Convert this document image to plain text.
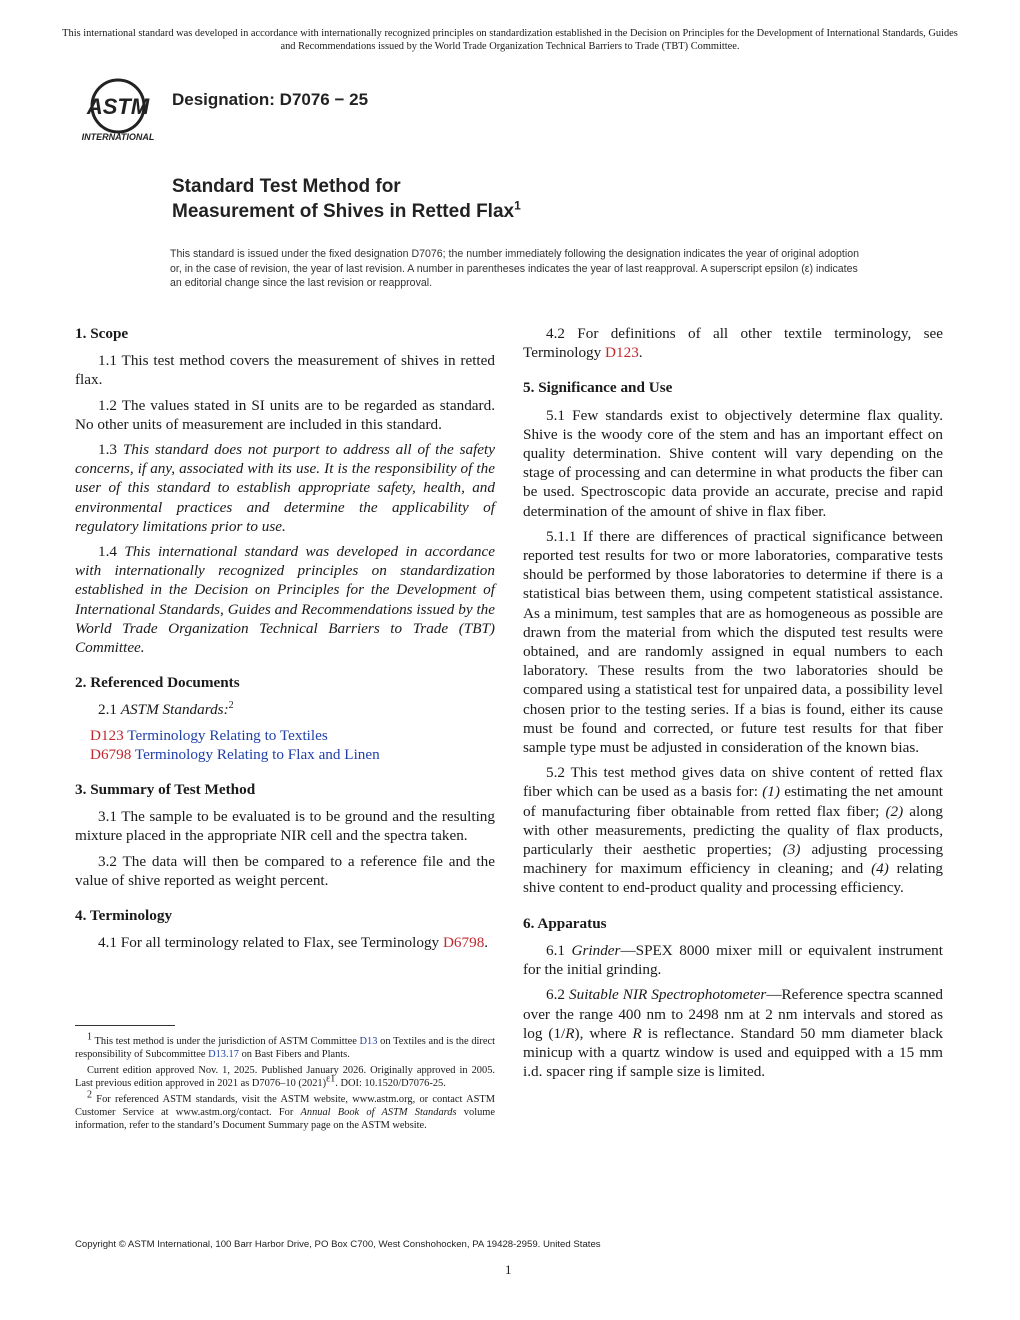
This international standard was developed in accordance with internationally recognized principles on standardization established in the Decision on Principles for the Development of International Standards, Guides and Recommendations issued by the World Trade Organization Technical Barriers to Trade (TBT) Committee.
ASTM
INTERNATIONAL
Designation: D7076 − 25
Standard Test Method for
Measurement of Shives in Retted Flax$^1$
This standard is issued under the fixed designation D7076; the number immediately following the designation indicates the year of original adoption or, in the case of revision, the year of last revision. A number in parentheses indicates the year of last reapproval. A superscript epsilon (ε) indicates an editorial change since the last revision or reapproval.
1. Scope

1.1 This test method covers the measurement of shives in retted flax.

1.2 The values stated in SI units are to be regarded as standard. No other units of measurement are included in this standard.

1.3 This standard does not purport to address all of the safety concerns, if any, associated with its use. It is the responsibility of the user of this standard to establish appropriate safety, health, and environmental practices and determine the applicability of regulatory limitations prior to use.

1.4 This international standard was developed in accordance with internationally recognized principles on standardization established in the Decision on Principles for the Development of International Standards, Guides and Recommendations issued by the World Trade Organization Technical Barriers to Trade (TBT) Committee.

2. Referenced Documents

2.1 ASTM Standards:$^2$

D123 Terminology Relating to Textiles
D6798 Terminology Relating to Flax and Linen
3. Summary of Test Method

3.1 The sample to be evaluated is to be ground and the resulting mixture placed in the appropriate NIR cell and the spectra taken.

3.2 The data will then be compared to a reference file and the value of shive reported as weight percent.

4. Terminology

4.1 For all terminology related to Flax, see Terminology D6798.

$^1$ This test method is under the jurisdiction of ASTM Committee D13 on Textiles and is the direct responsibility of Subcommittee D13.17 on Bast Fibers and Plants.

Current edition approved Nov. 1, 2025. Published January 2026. Originally approved in 2005. Last previous edition approved in 2021 as D7076–10 $(2021)^{\varepsilon 1}$. DOI: 10.1520/D7076-25.

$^2$ For referenced ASTM standards, visit the ASTM website, www.astm.org, or contact ASTM Customer Service at www.astm.org/contact. For Annual Book of ASTM Standards volume information, refer to the standard’s Document Summary page on the ASTM website.

4.2 For definitions of all other textile terminology, see Terminology D123.

5. Significance and Use

5.1 Few standards exist to objectively determine flax quality. Shive is the woody core of the stem and has an important effect on quality determination. Shive content will vary depending on the stage of processing and can determine in what products the fiber can be used. Spectroscopic data provide an accurate, precise and rapid determination of the amount of shive in flax fiber.

5.1.1 If there are differences of practical significance between reported test results for two or more laboratories, comparative tests should be performed by those laboratories to determine if there is a statistical bias between them, using competent statistical assistance. As a minimum, test samples that are as homogeneous as possible are drawn from the material from which the disputed test results were obtained, and are randomly assigned in equal numbers to each laboratory. These results from the two laboratories should be compared using a statistical test for unpaired data, a possibility level chosen prior to the testing series. If a bias is found, either its cause must be found and corrected, or future test results for that fiber sample type must be adjusted in consideration of the known bias.

5.2 This test method gives data on shive content of retted flax fiber which can be used as a basis for: (1) estimating the net amount of manufacturing fiber obtainable from retted flax fiber; (2) along with other measurements, predicting the quality of flax products, particularly their aesthetic properties; (3) adjusting processing machinery for maximum efficiency in cleaning; and (4) relating shive content to end-product quality and processing efficiency.

6. Apparatus

6.1 Grinder—SPEX 8000 mixer mill or equivalent instrument for the initial grinding.

6.2 Suitable NIR Spectrophotometer—Reference spectra scanned over the range 400 nm to 2498 nm at 2 nm intervals and stored as log (1/R), where R is reflectance. Standard 50 mm diameter black minicup with a quartz window is used and equipped with a 15 mm i.d. spacer ring if sample size is limited.

Copyright © ASTM International, 100 Barr Harbor Drive, PO Box C700, West Conshohocken, PA 19428-2959. United States
1
